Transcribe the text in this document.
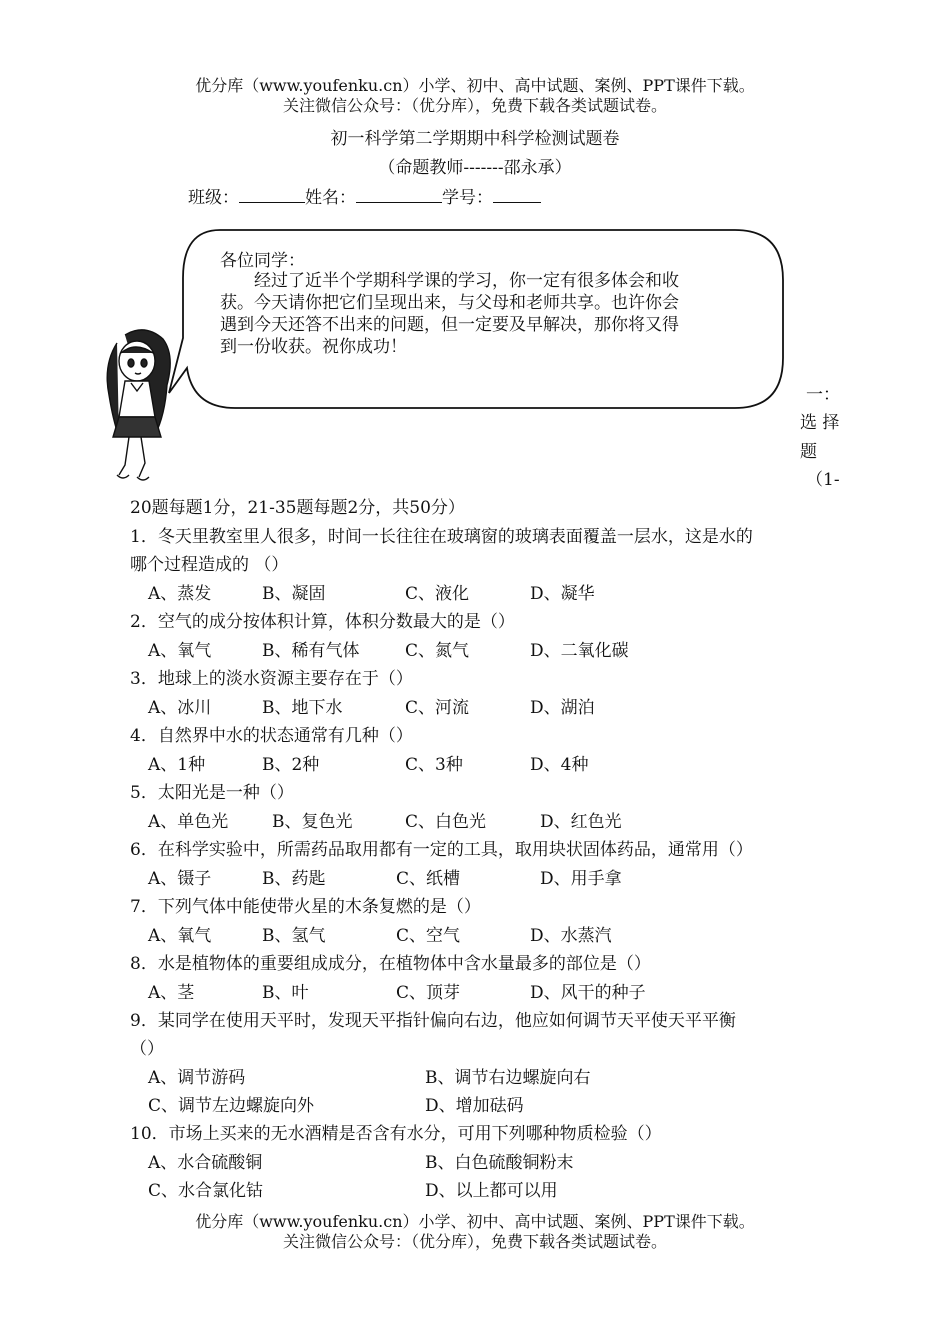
优分库（www.youfenku.cn）小学、初中、高中试题、案例、PPT课件下载。
关注微信公众号：（优分库），免费下载各类试题试卷。
初一科学第二学期期中科学检测试题卷
（命题教师-------邵永承）
班级：	姓名：	学号：
各位同学：
经过了近半个学期科学课的学习，你一定有很多体会和收
获。今天请你把它们呈现出来，与父母和老师共享。也许你会
遇到今天还答不出来的问题，但一定要及早解决，那你将又得
到一份收获。祝你成功！
一：
选 择
题
（1-
20题每题1分，21-35题每题2分，共50分）
1．冬天里教室里人很多，时间一长往往在玻璃窗的玻璃表面覆盖一层水，这是水的
哪个过程造成的 （）
A、蒸发	B、凝固	C、液化	D、凝华
2．空气的成分按体积计算，体积分数最大的是（）
A、氧气	B、稀有气体	C、氮气	D、二氧化碳
3．地球上的淡水资源主要存在于（）
A、冰川	B、地下水	C、河流	D、湖泊
4．自然界中水的状态通常有几种（）
A、1种	B、2种	C、3种	D、4种
5．太阳光是一种（）
A、单色光	B、复色光	C、白色光	D、红色光
6．在科学实验中，所需药品取用都有一定的工具，取用块状固体药品，通常用（）
A、镊子	B、药匙	C、纸槽	D、用手拿
7．下列气体中能使带火星的木条复燃的是（）
A、氧气	B、氢气	C、空气	D、水蒸汽
8．水是植物体的重要组成成分，在植物体中含水量最多的部位是（）
A、茎	B、叶	C、顶芽	D、风干的种子
9．某同学在使用天平时，发现天平指针偏向右边，他应如何调节天平使天平平衡
（）
A、调节游码	B、调节右边螺旋向右
C、调节左边螺旋向外	D、增加砝码
10．市场上买来的无水酒精是否含有水分，可用下列哪种物质检验（）
A、水合硫酸铜	B、白色硫酸铜粉末
C、水合氯化钴	D、以上都可以用
优分库（www.youfenku.cn）小学、初中、高中试题、案例、PPT课件下载。
关注微信公众号：（优分库），免费下载各类试题试卷。
